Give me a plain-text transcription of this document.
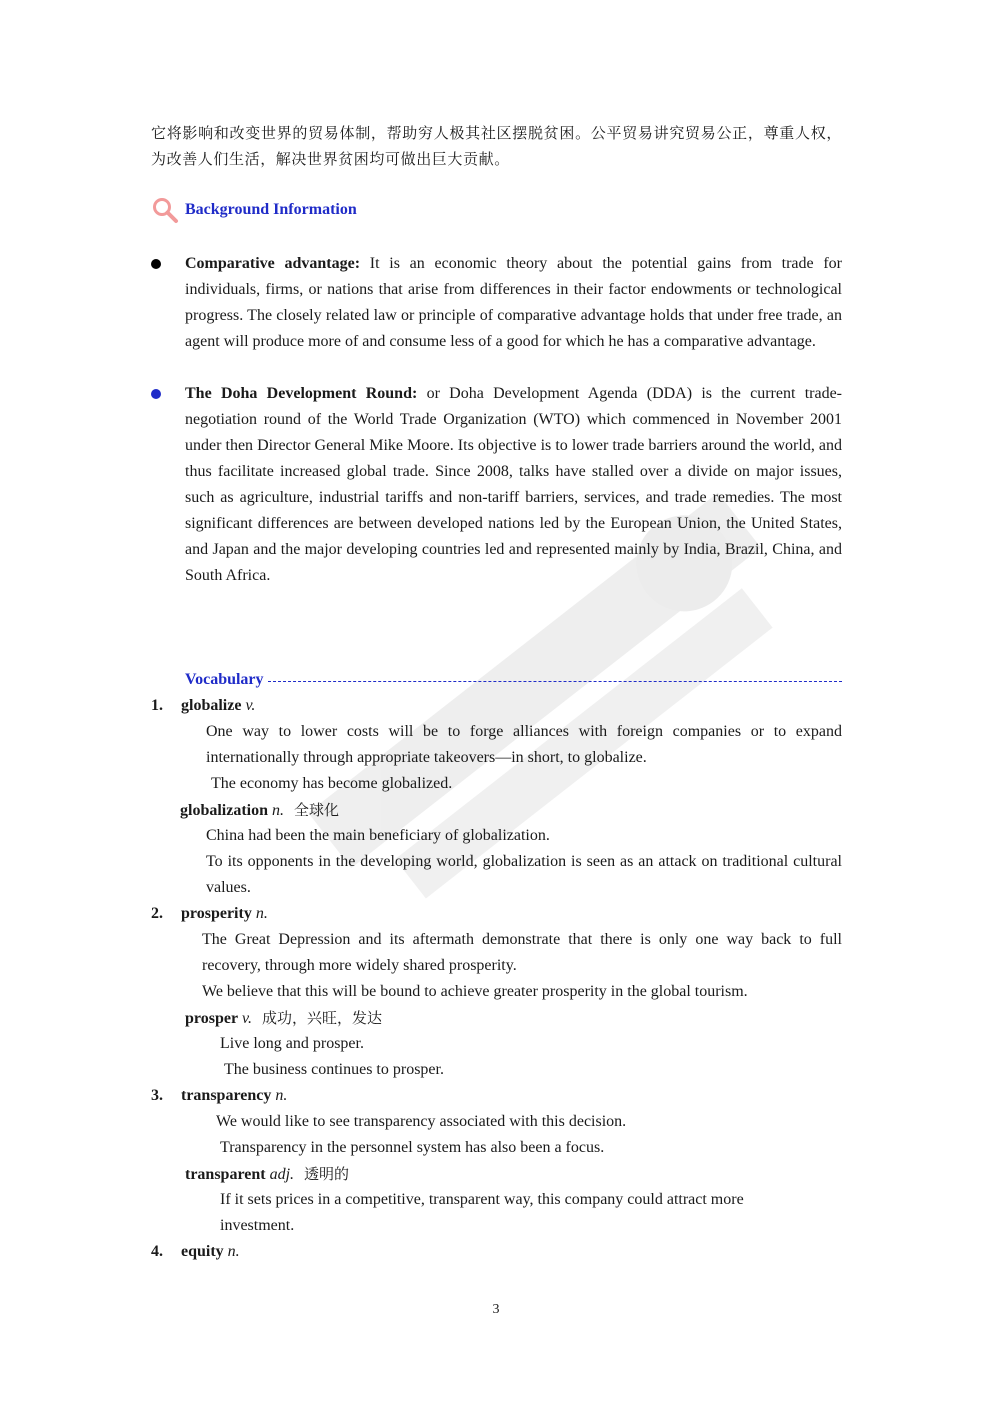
它将影响和改变世界的贸易体制，帮助穷人极其社区摆脱贫困。公平贸易讲究贸易公正，尊重人权，为改善人们生活，解决世界贫困均可做出巨大贡献。
Background Information
Comparative advantage: It is an economic theory about the potential gains from trade for individuals, firms, or nations that arise from differences in their factor endowments or technological progress. The closely related law or principle of comparative advantage holds that under free trade, an agent will produce more of and consume less of a good for which he has a comparative advantage.
The Doha Development Round: or Doha Development Agenda (DDA) is the current trade-negotiation round of the World Trade Organization (WTO) which commenced in November 2001 under then Director General Mike Moore. Its objective is to lower trade barriers around the world, and thus facilitate increased global trade. Since 2008, talks have stalled over a divide on major issues, such as agriculture, industrial tariffs and non-tariff barriers, services, and trade remedies. The most significant differences are between developed nations led by the European Union, the United States, and Japan and the major developing countries led and represented mainly by India, Brazil, China, and South Africa.
Vocabulary
1. globalize v.
One way to lower costs will be to forge alliances with foreign companies or to expand internationally through appropriate takeovers—in short, to globalize.
The economy has become globalized.
globalization n. 全球化
China had been the main beneficiary of globalization.
To its opponents in the developing world, globalization is seen as an attack on traditional cultural values.
2. prosperity n.
The Great Depression and its aftermath demonstrate that there is only one way back to full recovery, through more widely shared prosperity.
We believe that this will be bound to achieve greater prosperity in the global tourism.
prosper v. 成功，兴旺，发达
Live long and prosper.
The business continues to prosper.
3. transparency n.
We would like to see transparency associated with this decision.
Transparency in the personnel system has also been a focus.
transparent adj. 透明的
If it sets prices in a competitive, transparent way, this company could attract more investment.
4. equity n.
3
